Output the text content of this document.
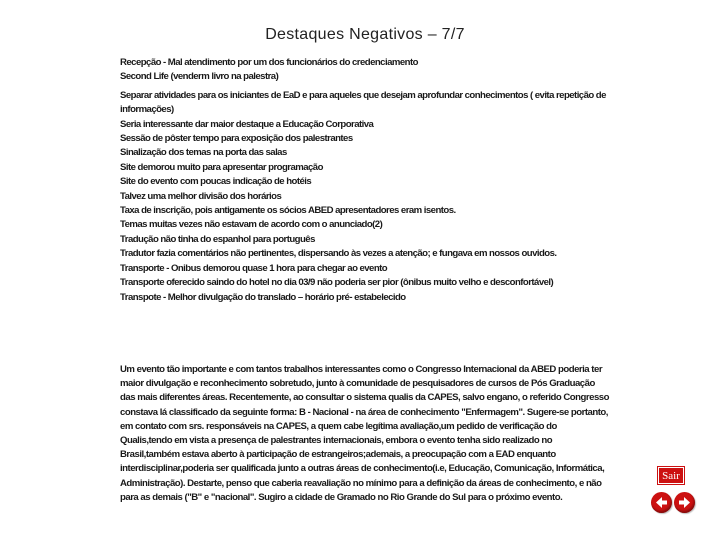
Destaques Negativos – 7/7

Recepção - Mal atendimento por um dos funcionários do credenciamento

Second Life (venderm livro na palestra)

Separar atividades para os iniciantes de EaD e para aqueles que desejam aprofundar conhecimentos ( evita repetição de informações)

Seria interessante dar maior destaque a Educação Corporativa

Sessão de pôster tempo para exposição dos palestrantes

Sinalização dos temas na porta das salas

Site demorou muito para apresentar programação

Site do evento com poucas indicação de hotéis

Talvez uma melhor divisão dos horários

Taxa de inscrição, pois antigamente os sócios ABED apresentadores eram isentos.

Temas muitas vezes não estavam de acordo com o anunciado(2)

Tradução não tinha do espanhol para português

Tradutor fazia comentários não pertinentes, dispersando às vezes a atenção; e fungava em nossos ouvidos.

Transporte - Onibus demorou quase 1 hora para chegar ao evento

Transporte oferecido saindo do hotel no dia 03/9 não poderia ser pior (ônibus muito velho e desconfortável)

Transpote - Melhor divulgação do translado – horário pré- estabelecido

Um evento tão importante e com tantos trabalhos interessantes como o Congresso Internacional da ABED poderia ter maior divulgação e reconhecimento sobretudo, junto à comunidade de pesquisadores de cursos de Pós Graduação das mais diferentes áreas. Recentemente, ao consultar o sistema qualis da CAPES, salvo engano, o referido Congresso constava lá classificado da seguinte forma: B - Nacional - na área de conhecimento "Enfermagem". Sugere-se portanto, em contato com srs. responsáveis na CAPES, a quem cabe legítima avaliação,um pedido de verificação do Qualis,tendo em vista a presença de palestrantes internacionais, embora o evento tenha sido realizado no Brasil,também estava aberto à participação de estrangeiros;ademais, a preocupação com a EAD enquanto interdisciplinar,poderia ser qualificada junto a outras áreas de conhecimento(i.e, Educação, Comunicação, Informática, Administração). Destarte, penso que caberia reavaliação no mínimo para a definição da áreas de conhecimento, e não para as demais ("B" e "nacional". Sugiro a cidade de Gramado no Rio Grande do Sul para o próximo evento.
Sair
